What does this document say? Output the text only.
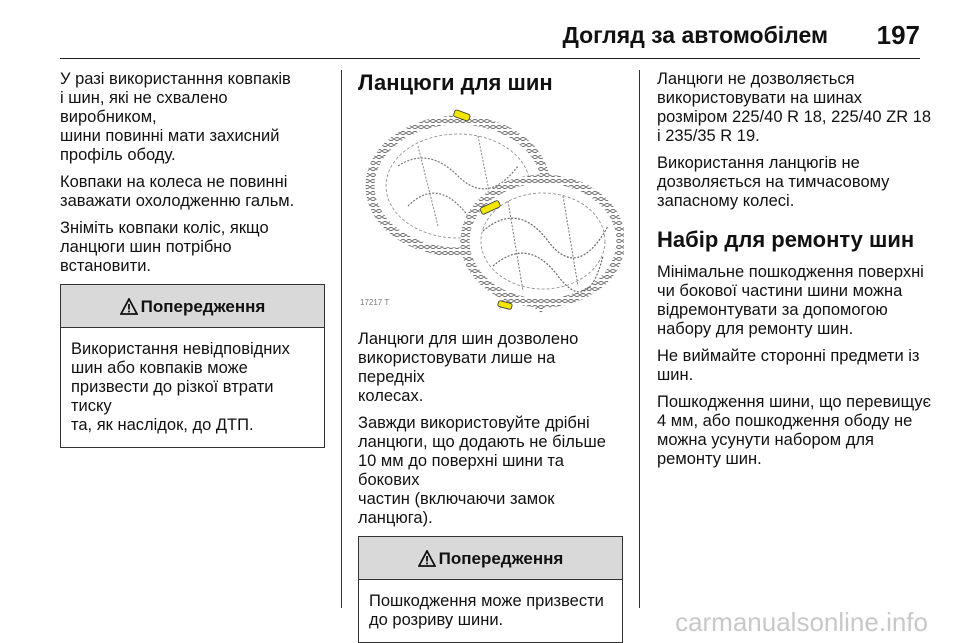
Догляд за автомобілем 197

У разі використанння ковпаків
і шин, які не схвалено виробником,
шини повинні мати захисний
профіль ободу.

Ковпаки на колеса не повинні
заважати охолодженню гальм.

Зніміть ковпаки коліс, якщо
ланцюги шин потрібно встановити.

Попередження
Використання невідповідних
шин або ковпаків може
призвести до різкої втрати тиску
та, як наслідок, до ДТП.
Ланцюги для шин
17217 T

Ланцюги для шин дозволено
використовувати лише на передніх
колесах.

Завжди використовуйте дрібні
ланцюги, що додають не більше
10 мм до поверхні шини та бокових
частин (включаючи замок
ланцюга).

Попередження
Пошкодження може призвести
до розриву шини.

Ланцюги не дозволяється
використовувати на шинах
розміром 225/40 R 18, 225/40 ZR 18
і 235/35 R 19.

Використання ланцюгів не
дозволяється на тимчасовому
запасному колесі.

Набір для ремонту шин

Мінімальне пошкодження поверхні
чи бокової частини шини можна
відремонтувати за допомогою
набору для ремонту шин.

Не виймайте сторонні предмети із
шин.

Пошкодження шини, що перевищує
4 мм, або пошкодження ободу не
можна усунути набором для
ремонту шин.

carmanualsonline.info
